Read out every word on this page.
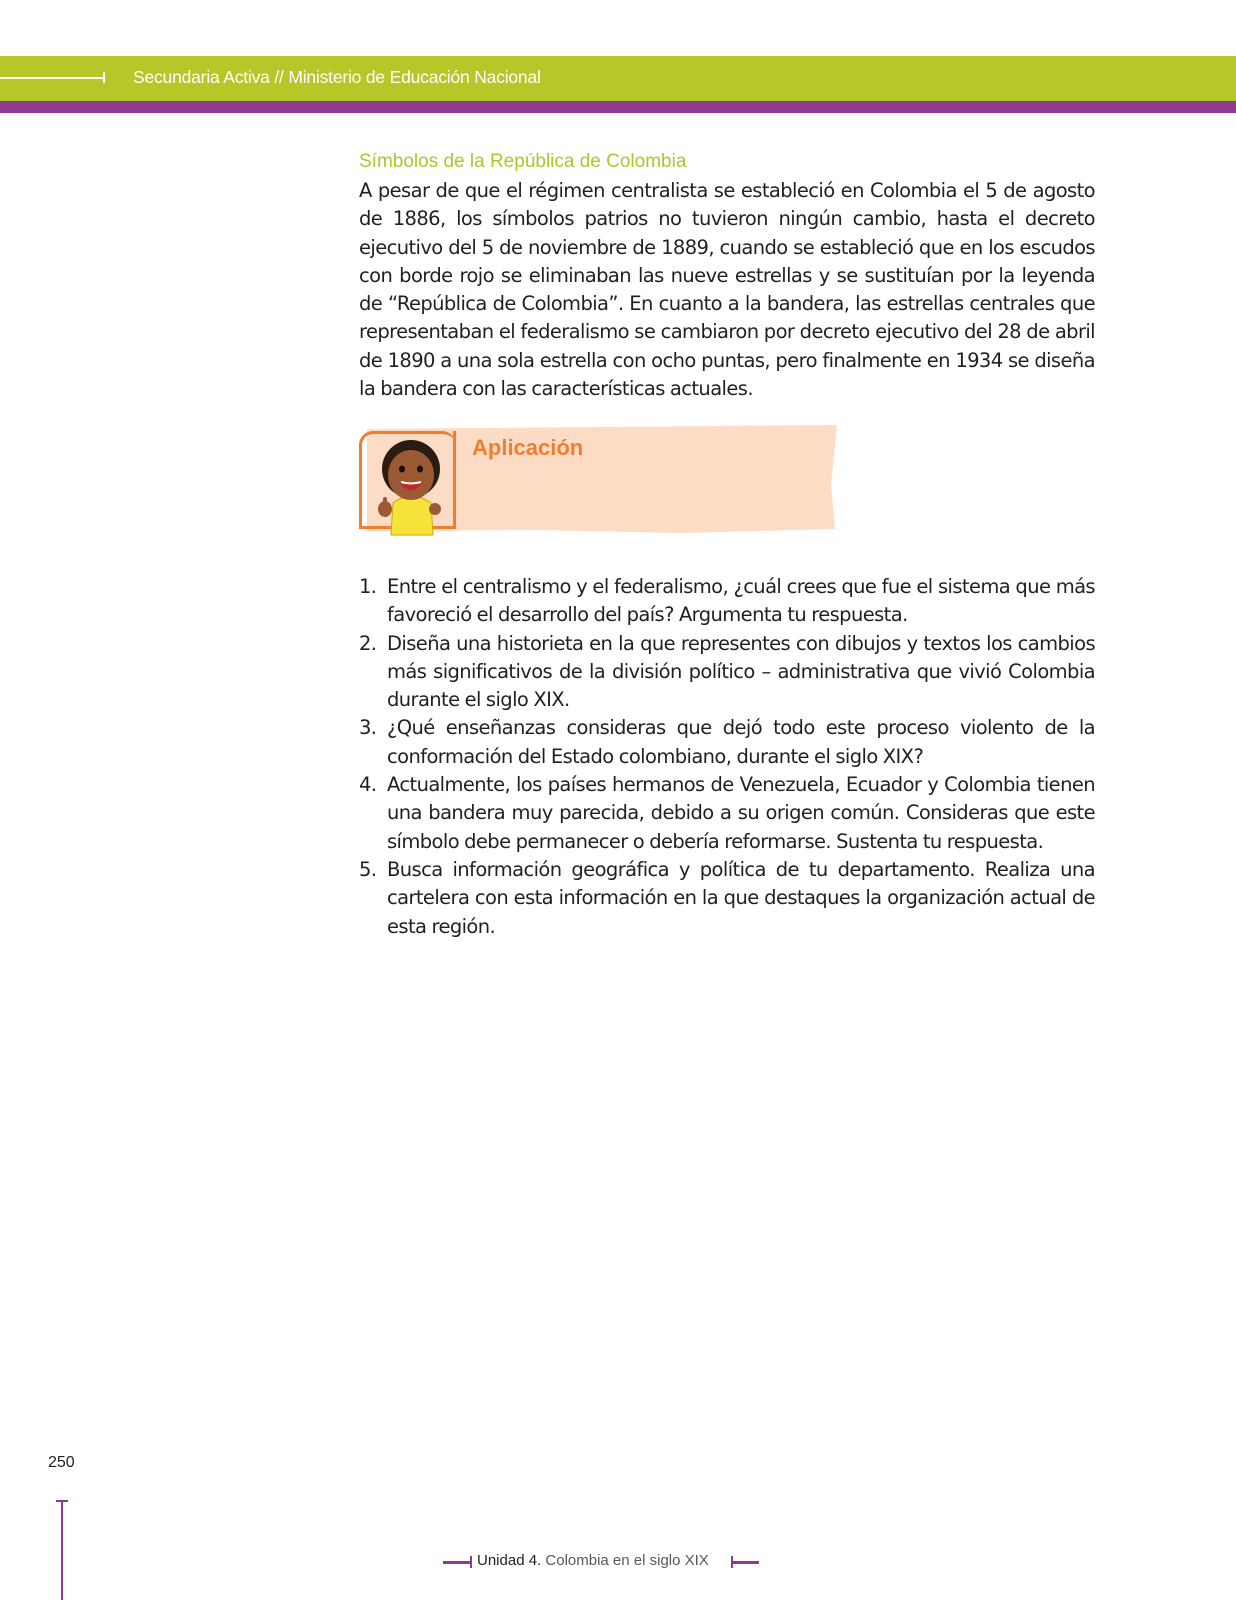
Secundaria Activa // Ministerio de Educación Nacional
Símbolos de la República de Colombia
A pesar de que el régimen centralista se estableció en Colombia el 5 de agosto de 1886, los símbolos patrios no tuvieron ningún cambio, hasta el decreto ejecutivo del 5 de noviembre de 1889, cuando se estableció que en los escudos con borde rojo se eliminaban las nueve estrellas y se sustituían por la leyenda de “República de Colombia”. En cuanto a la bandera, las estrellas centrales que representaban el federalismo se cambiaron por decreto ejecutivo del 28 de abril de 1890 a una sola estrella con ocho puntas, pero finalmente en 1934 se diseña la bandera con las características actuales.
Aplicación
1. Entre el centralismo y el federalismo, ¿cuál crees que fue el sistema que más favoreció el desarrollo del país? Argumenta tu respuesta.
2. Diseña una historieta en la que representes con dibujos y textos los cambios más significativos de la división político – administrativa que vivió Colombia durante el siglo XIX.
3. ¿Qué enseñanzas consideras que dejó todo este proceso violento de la conformación del Estado colombiano, durante el siglo XIX?
4. Actualmente, los países hermanos de Venezuela, Ecuador y Colombia tienen una bandera muy parecida, debido a su origen común. Consideras que este símbolo debe permanecer o debería reformarse. Sustenta tu respuesta.
5. Busca información geográfica y política de tu departamento. Realiza una cartelera con esta información en la que destaques la organización actual de esta región.
250
Unidad 4. Colombia en el siglo XIX
